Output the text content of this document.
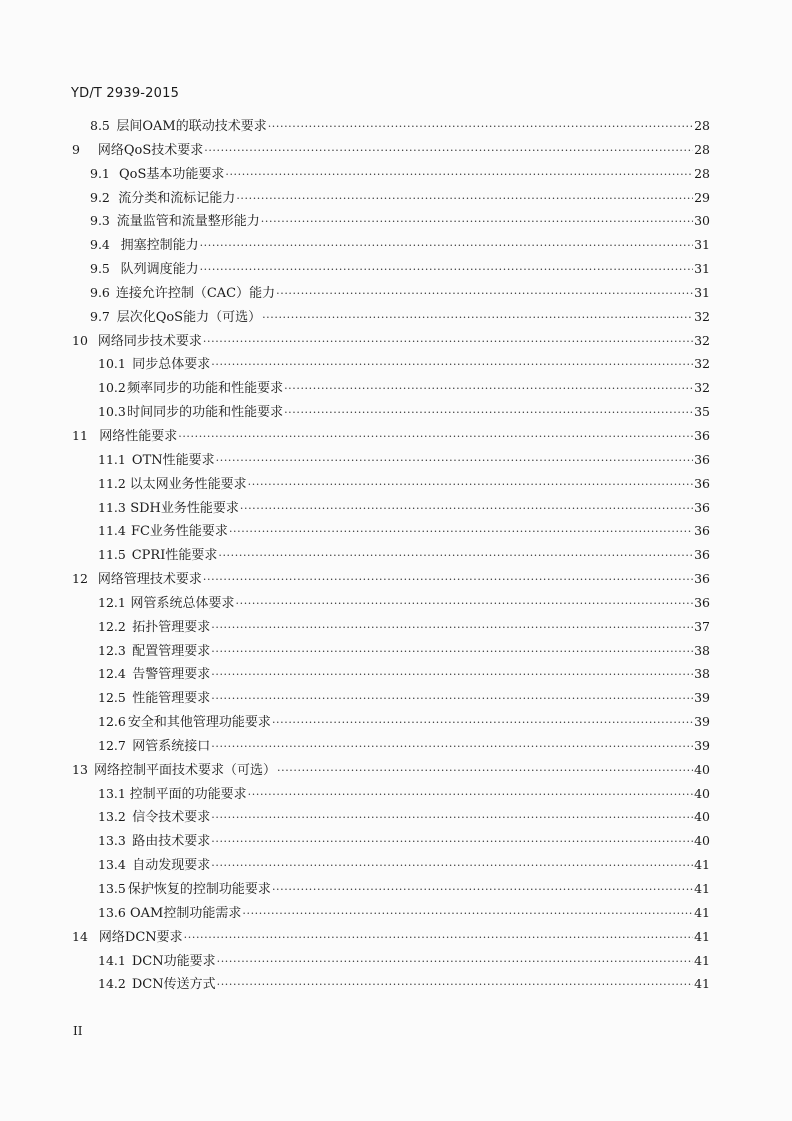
YD/T 2939-2015
8.5 层间OAM的联动技术要求 ·····	28
9	网络QoS技术要求 ·····	28
9.1 QoS基本功能要求 ·····	28
9.2 流分类和流标记能力 ·····	29
9.3 流量监管和流量整形能力 ·····	30
9.4 拥塞控制能力 ·····	31
9.5 队列调度能力 ·····	31
9.6 连接允许控制（CAC）能力 ·····	31
9.7 层次化QoS能力（可选） ·····	32
10 网络同步技术要求 ·····	32
10.1 同步总体要求 ·····	32
10.2 频率同步的功能和性能要求 ·····	32
10.3 时间同步的功能和性能要求 ·····	35
11 网络性能要求 ·····	36
11.1 OTN性能要求 ·····	36
11.2 以太网业务性能要求 ·····	36
11.3 SDH业务性能要求 ·····	36
11.4 FC业务性能要求 ·····	36
11.5 CPRI性能要求 ·····	36
12 网络管理技术要求 ·····	36
12.1 网管系统总体要求 ·····	36
12.2 拓扑管理要求 ·····	37
12.3 配置管理要求 ·····	38
12.4 告警管理要求 ·····	38
12.5 性能管理要求 ·····	39
12.6 安全和其他管理功能要求 ·····	39
12.7 网管系统接口 ·····	39
13 网络控制平面技术要求（可选） ·····	40
13.1 控制平面的功能要求 ·····	40
13.2 信令技术要求 ·····	40
13.3 路由技术要求 ·····	40
13.4 自动发现要求 ·····	41
13.5 保护恢复的控制功能要求 ·····	41
13.6 OAM控制功能需求 ·····	41
14 网络DCN要求 ·····	41
14.1 DCN功能要求 ·····	41
14.2 DCN传送方式 ·····	41
II
